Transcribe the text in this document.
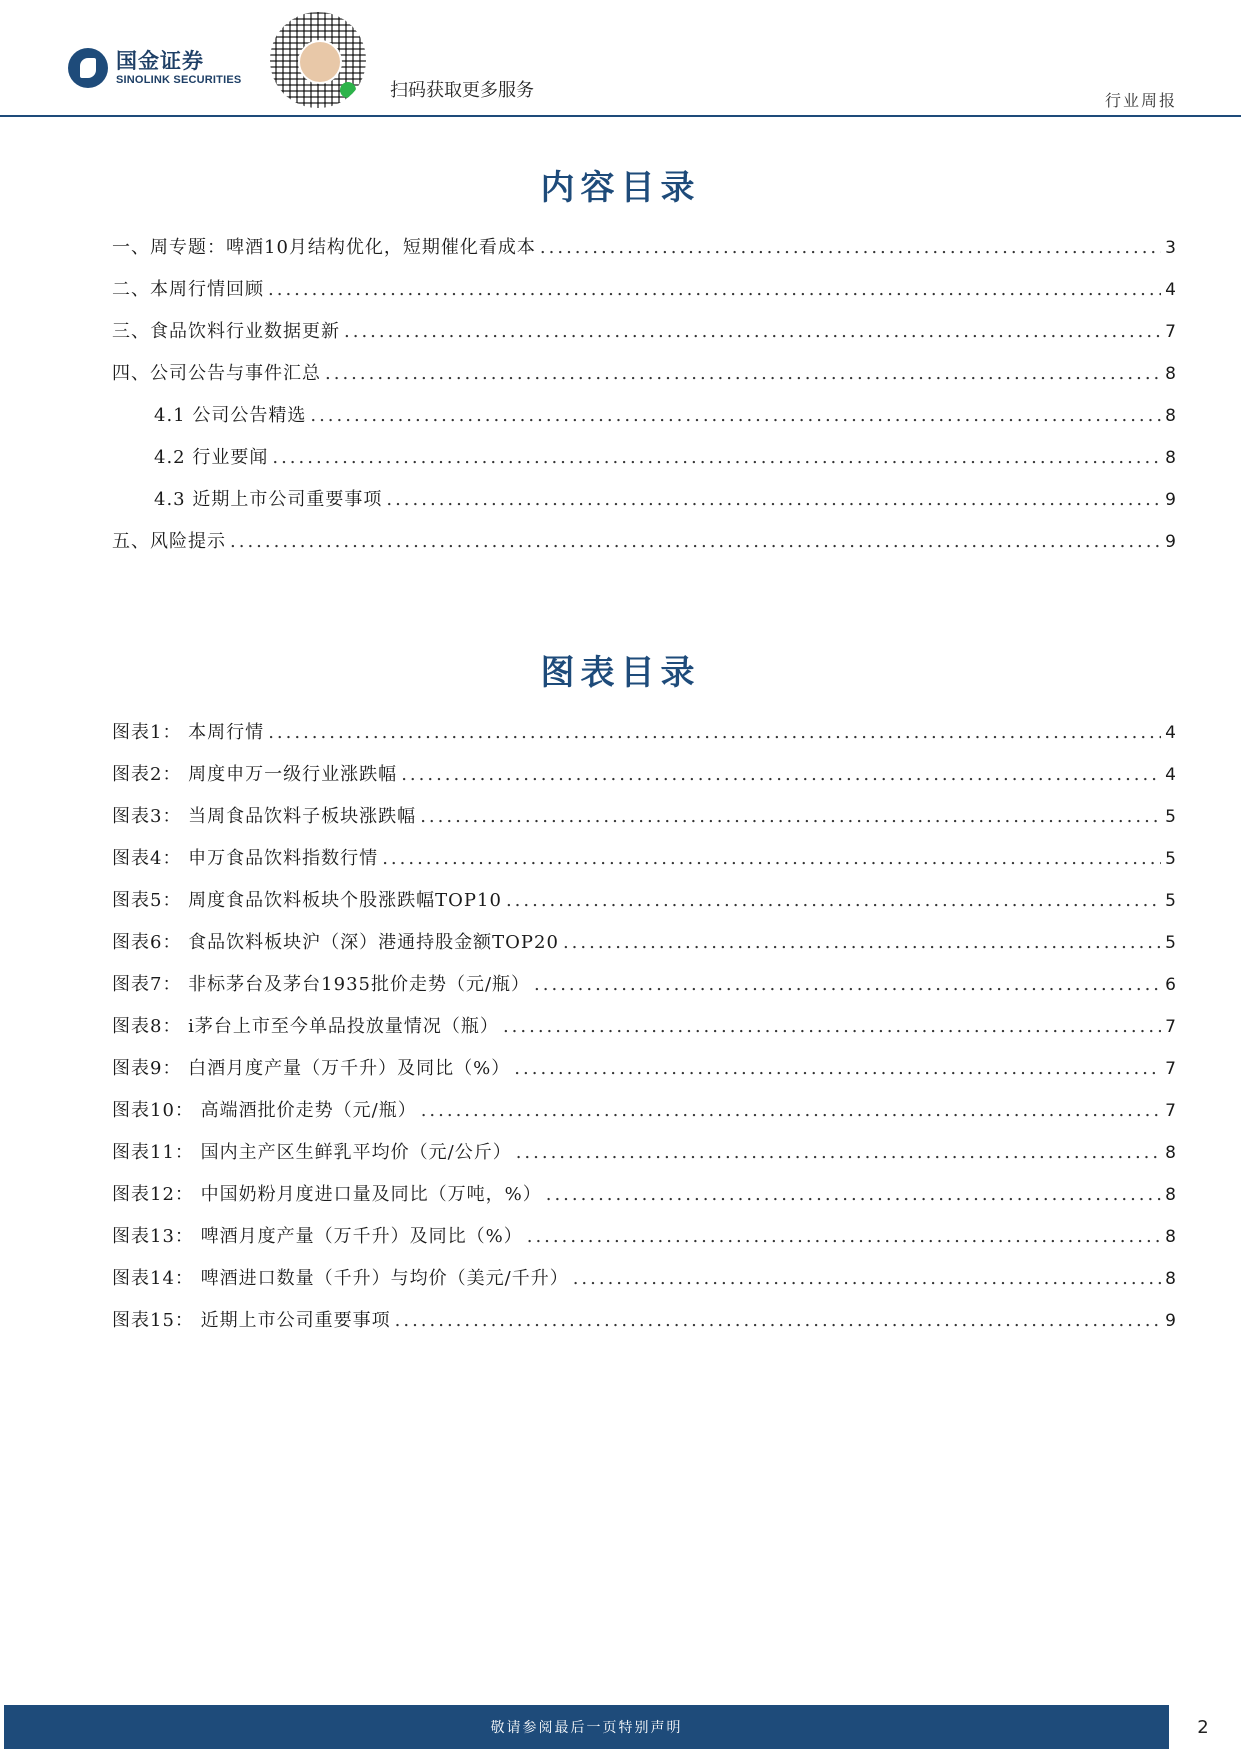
国金证券
SINOLINK SECURITIES
扫码获取更多服务	行业周报
内容目录
一、周专题：啤酒10月结构优化，短期催化看成本 .....	3
二、本周行情回顾 .....	4
三、食品饮料行业数据更新 .....	7
四、公司公告与事件汇总 .....	8
4.1 公司公告精选 .....	8
4.2 行业要闻 .....	8
4.3 近期上市公司重要事项 .....	9
五、风险提示 .....	9
图表目录
图表1： 本周行情 .....	4
图表2： 周度申万一级行业涨跌幅 .....	4
图表3： 当周食品饮料子板块涨跌幅 .....	5
图表4： 申万食品饮料指数行情 .....	5
图表5： 周度食品饮料板块个股涨跌幅TOP10 .....	5
图表6： 食品饮料板块沪（深）港通持股金额TOP20 .....	5
图表7： 非标茅台及茅台1935批价走势（元/瓶） .....	6
图表8： i茅台上市至今单品投放量情况（瓶） .....	7
图表9： 白酒月度产量（万千升）及同比（%） .....	7
图表10： 高端酒批价走势（元/瓶） .....	7
图表11： 国内主产区生鲜乳平均价（元/公斤） .....	8
图表12： 中国奶粉月度进口量及同比（万吨，%） .....	8
图表13： 啤酒月度产量（万千升）及同比（%） .....	8
图表14： 啤酒进口数量（千升）与均价（美元/千升） .....	8
图表15： 近期上市公司重要事项 .....	9
敬请参阅最后一页特别声明	2
